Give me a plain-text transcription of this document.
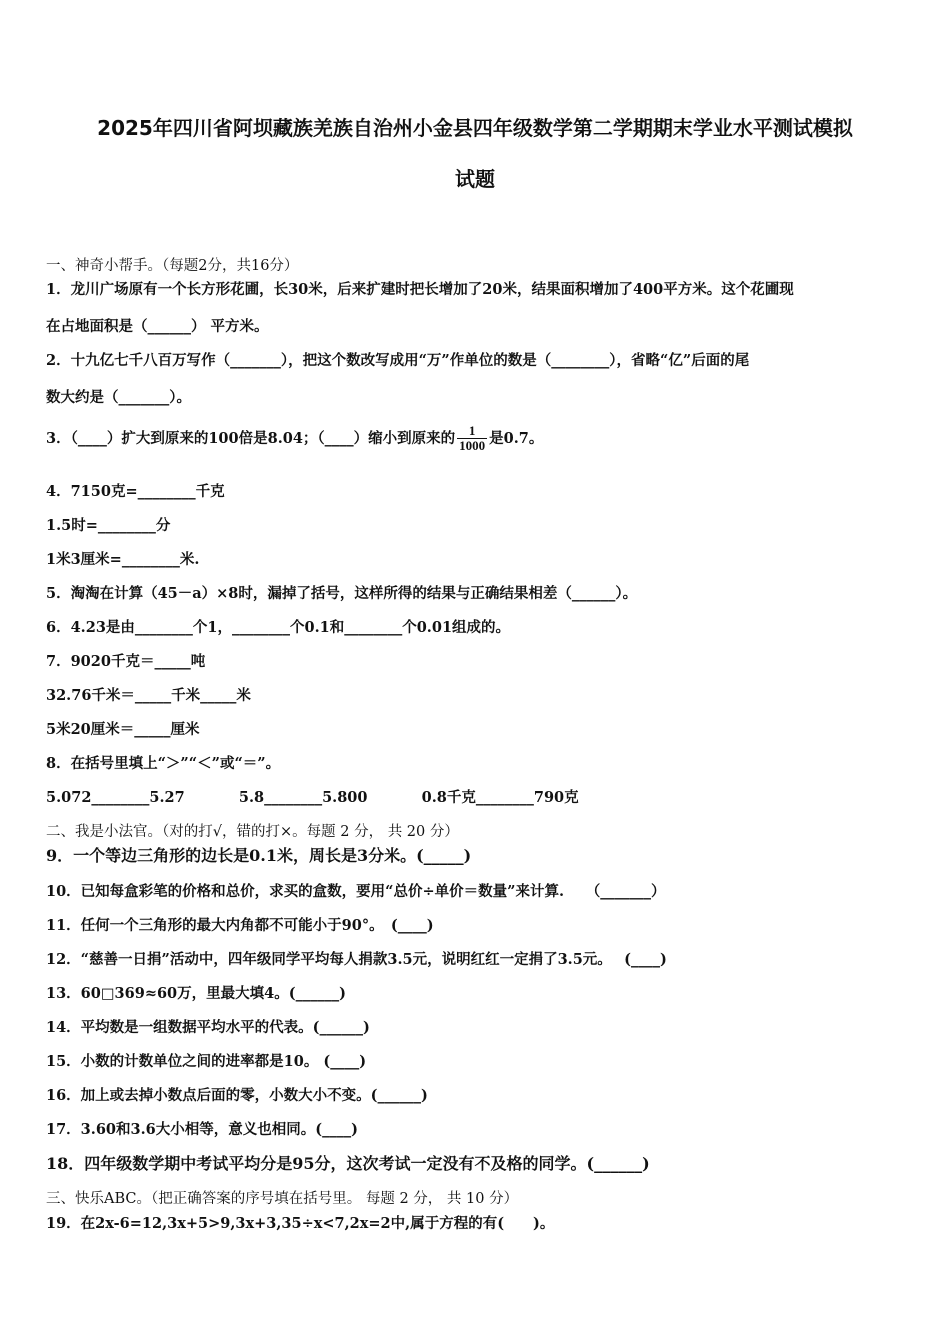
2025年四川省阿坝藏族羌族自治州小金县四年级数学第二学期期末学业水平测试模拟
试题
一、神奇小帮手。（每题2分，共16分）
1．龙川广场原有一个长方形花圃，长30米，后来扩建时把长增加了20米，结果面积增加了400平方米。这个花圃现
在占地面积是（______） 平方米。
2．十九亿七千八百万写作（_______），把这个数改写成用“万”作单位的数是（________），省略“亿”后面的尾
数大约是（_______）。
3．（____）扩大到原来的100倍是8.04；（____）缩小到原来的 $\frac{1}{1000}$ 是0.7。
4．7150克=________千克
1.5时=________分
1米3厘米=________米.
5．淘淘在计算（45－a）×8时，漏掉了括号，这样所得的结果与正确结果相差（______）。
6．4.23是由________个1，________个0.1和________个0.01组成的。
7．9020千克＝_____吨
32.76千米＝_____千米_____米
5米20厘米＝_____厘米
8．在括号里填上“＞”“＜”或“＝”。
5.072________5.27	5.8________5.800	0.8千克________790克
二、我是小法官。（对的打√，错的打×。每题 2 分， 共 20 分）
9．一个等边三角形的边长是0.1米，周长是3分米。(_____)
10．已知每盒彩笔的价格和总价，求买的盒数，要用“总价÷单价＝数量”来计算.　　（_______）
11．任何一个三角形的最大内角都不可能小于90°。　(____)
12．“慈善一日捐”活动中，四年级同学平均每人捐款3.5元，说明红红一定捐了3.5元。　 (____)
13．60□369≈60万，里最大填4。(______)
14．平均数是一组数据平均水平的代表。(______)
15．小数的计数单位之间的进率都是10。 (____)
16．加上或去掉小数点后面的零，小数大小不变。(______)
17．3.60和3.6大小相等，意义也相同。(____)
18．四年级数学期中考试平均分是95分，这次考试一定没有不及格的同学。(______)
三、快乐ABC。（把正确答案的序号填在括号里。 每题 2 分， 共 10 分）
19．在2x-6=12,3x+5>9,3x+3,35÷x<7,2x=2中,属于方程的有(　　)。
